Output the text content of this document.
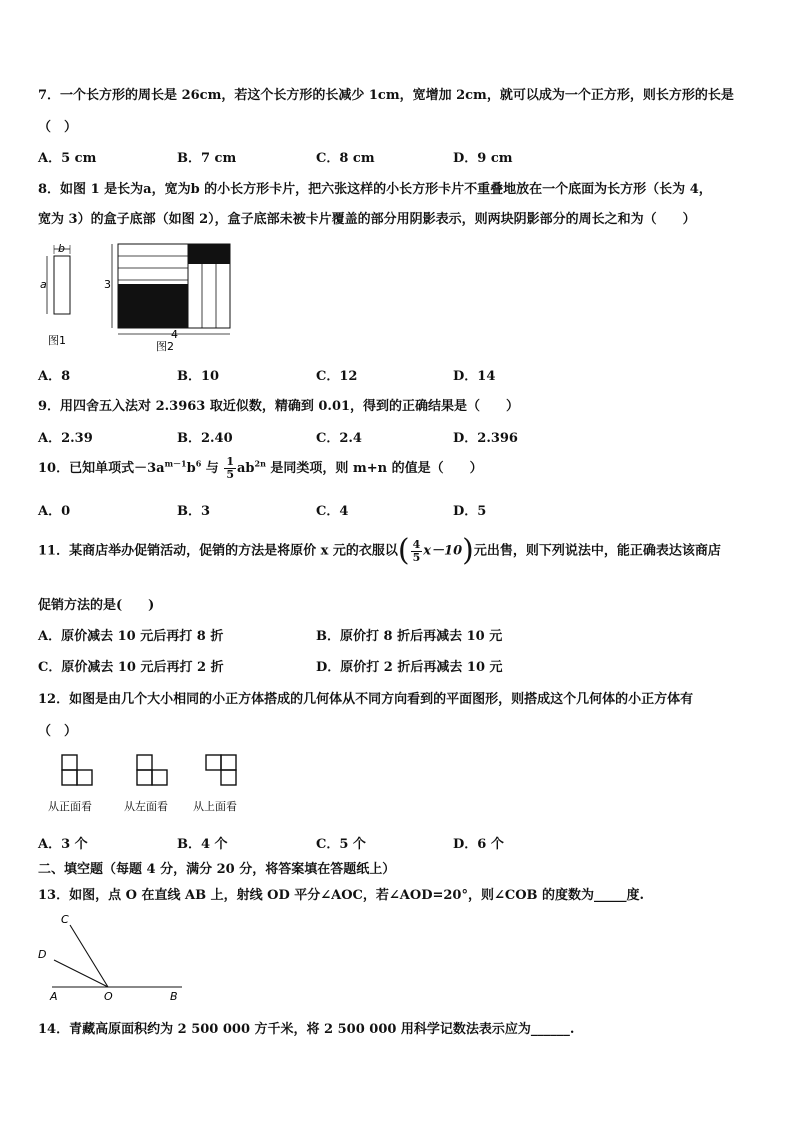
7．一个长方形的周长是 26cm，若这个长方形的长减少 1cm，宽增加 2cm，就可以成为一个正方形，则长方形的长是
（　）
A．5 cm	B．7 cm	C．8 cm	D．9 cm
8．如图 1 是长为a，宽为b 的小长方形卡片，把六张这样的小长方形卡片不重叠地放在一个底面为长方形（长为 4，
宽为 3）的盒子底部（如图 2），盒子底部未被卡片覆盖的部分用阴影表示，则两块阴影部分的周长之和为（　　）
b
a
图1
3
4
图2
A．8	B．10	C．12	D．14
9．用四舍五入法对 2.3963 取近似数，精确到 0.01，得到的正确结果是（　　）
A．2.39	B．2.40	C．2.4	D．2.396
10．已知单项式$-3a^{m-1}b^6$ 与 $\frac{1}{5} ab^{2n}$ 是同类项，则 m+n 的值是（　　）
A．0	B．3	C．4	D．5
11．某商店举办促销活动，促销的方法是将原价 x 元的衣服以( $\frac{4}{5} x-10$)元出售，则下列说法中，能正确表达该商店
促销方法的是(　　)
A．原价减去 10 元后再打 8 折	B．原价打 8 折后再减去 10 元
C．原价减去 10 元后再打 2 折	D．原价打 2 折后再减去 10 元
12．如图是由几个大小相同的小正方体搭成的几何体从不同方向看到的平面图形，则搭成这个几何体的小正方体有
（　）
从正面看	从左面看 从上面看
A．3 个	B．4 个	C．5 个	D．6 个
二、填空题（每题 4 分，满分 20 分，将答案填在答题纸上）
13．如图，点 O 在直线 AB 上，射线 OD 平分∠AOC，若∠AOD=20°，则∠COB 的度数为_____度.
C
D
A	O	B
14．青藏高原面积约为 2 500 000 方千米，将 2 500 000 用科学记数法表示应为______.
